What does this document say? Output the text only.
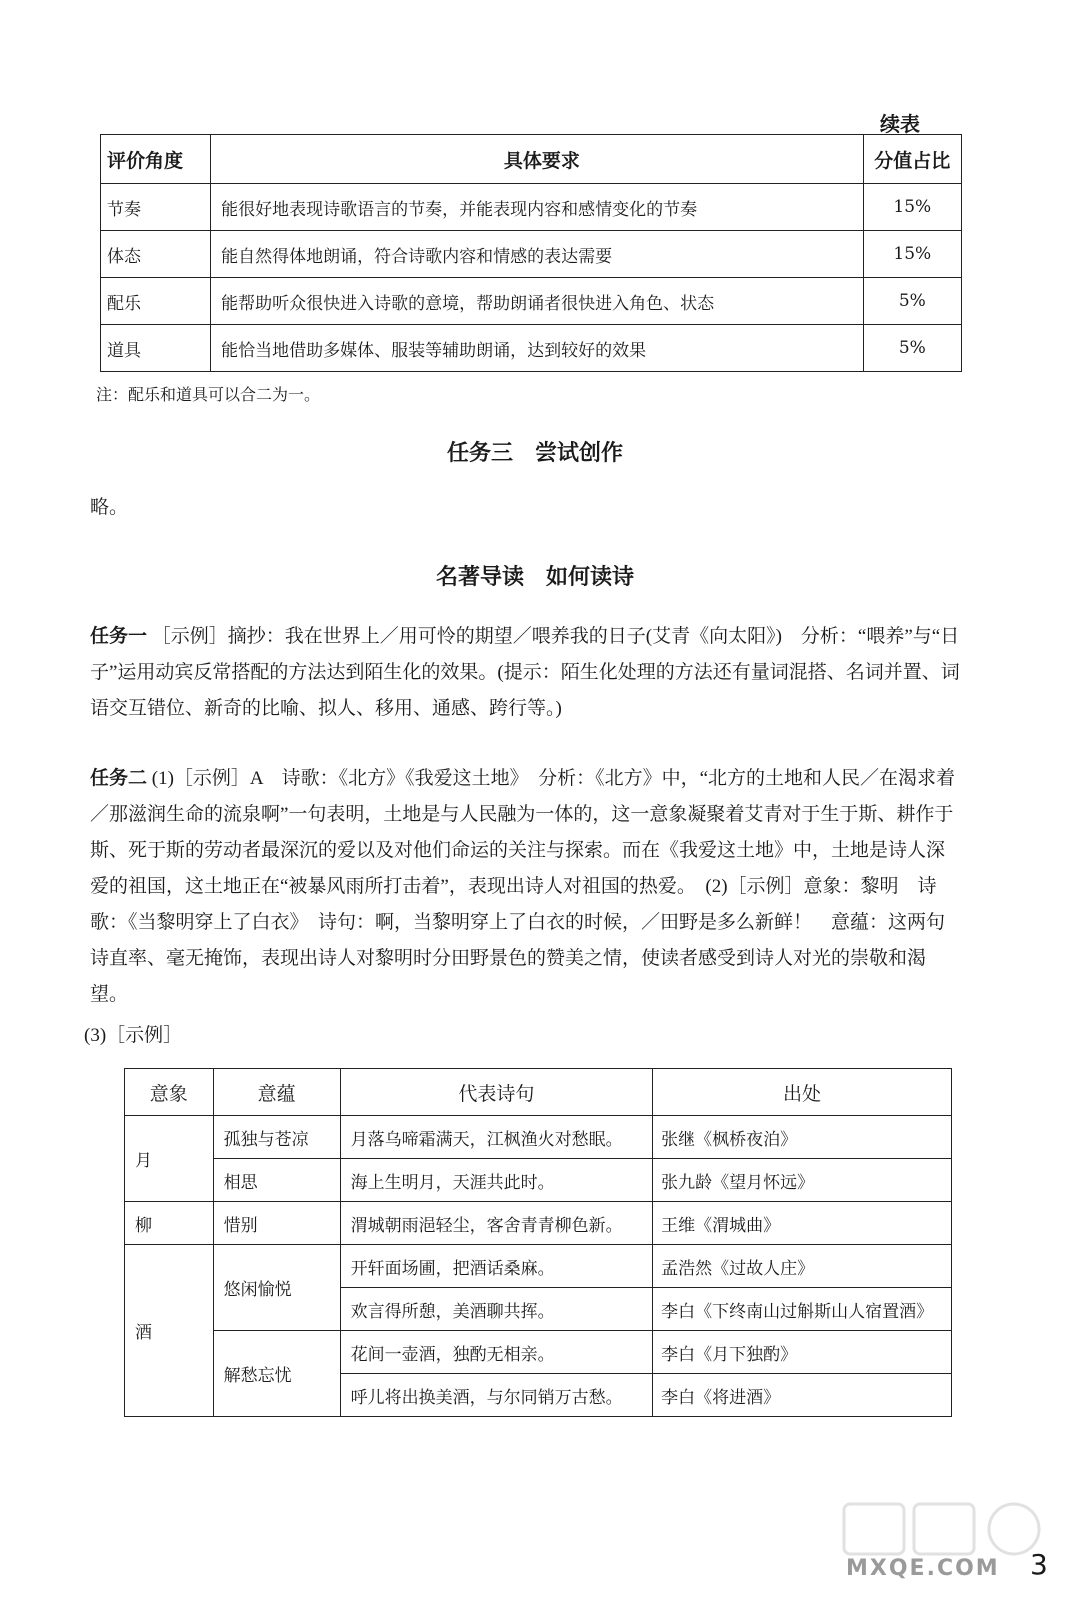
续表
评价角度	具体要求	分值占比
节奏	能很好地表现诗歌语言的节奏，并能表现内容和感情变化的节奏	15%
体态	能自然得体地朗诵，符合诗歌内容和情感的表达需要	15%
配乐	能帮助听众很快进入诗歌的意境，帮助朗诵者很快进入角色、状态	5%
道具	能恰当地借助多媒体、服装等辅助朗诵，达到较好的效果	5%
注：配乐和道具可以合二为一。
任务三　尝试创作
略。
名著导读　如何读诗
任务一 ［示例］摘抄：我在世界上／用可怜的期望／喂养我的日子(艾青《向太阳》)　分析：“喂养”与“日子”运用动宾反常搭配的方法达到陌生化的效果。(提示：陌生化处理的方法还有量词混搭、名词并置、词语交互错位、新奇的比喻、拟人、移用、通感、跨行等。)
任务二 (1)［示例］A　诗歌：《北方》《我爱这土地》　分析：《北方》中，“北方的土地和人民／在渴求着／那滋润生命的流泉啊”一句表明，土地是与人民融为一体的，这一意象凝聚着艾青对于生于斯、耕作于斯、死于斯的劳动者最深沉的爱以及对他们命运的关注与探索。而在《我爱这土地》中，土地是诗人深爱的祖国，这土地正在“被暴风雨所打击着”，表现出诗人对祖国的热爱。　(2)［示例］意象：黎明　诗歌：《当黎明穿上了白衣》　诗句：啊，当黎明穿上了白衣的时候，／田野是多么新鲜！　意蕴：这两句诗直率、毫无掩饰，表现出诗人对黎明时分田野景色的赞美之情，使读者感受到诗人对光的崇敬和渴望。
(3)［示例］
意象	意蕴	代表诗句	出处
月	孤独与苍凉	月落乌啼霜满天，江枫渔火对愁眠。	张继《枫桥夜泊》
	相思	海上生明月，天涯共此时。	张九龄《望月怀远》
柳	惜别	渭城朝雨浥轻尘，客舍青青柳色新。	王维《渭城曲》
酒	悠闲愉悦	开轩面场圃，把酒话桑麻。	孟浩然《过故人庄》
		欢言得所憩，美酒聊共挥。	李白《下终南山过斛斯山人宿置酒》
	解愁忘忧	花间一壶酒，独酌无相亲。	李白《月下独酌》
		呼儿将出换美酒，与尔同销万古愁。	李白《将进酒》
MXQE.COM 3
